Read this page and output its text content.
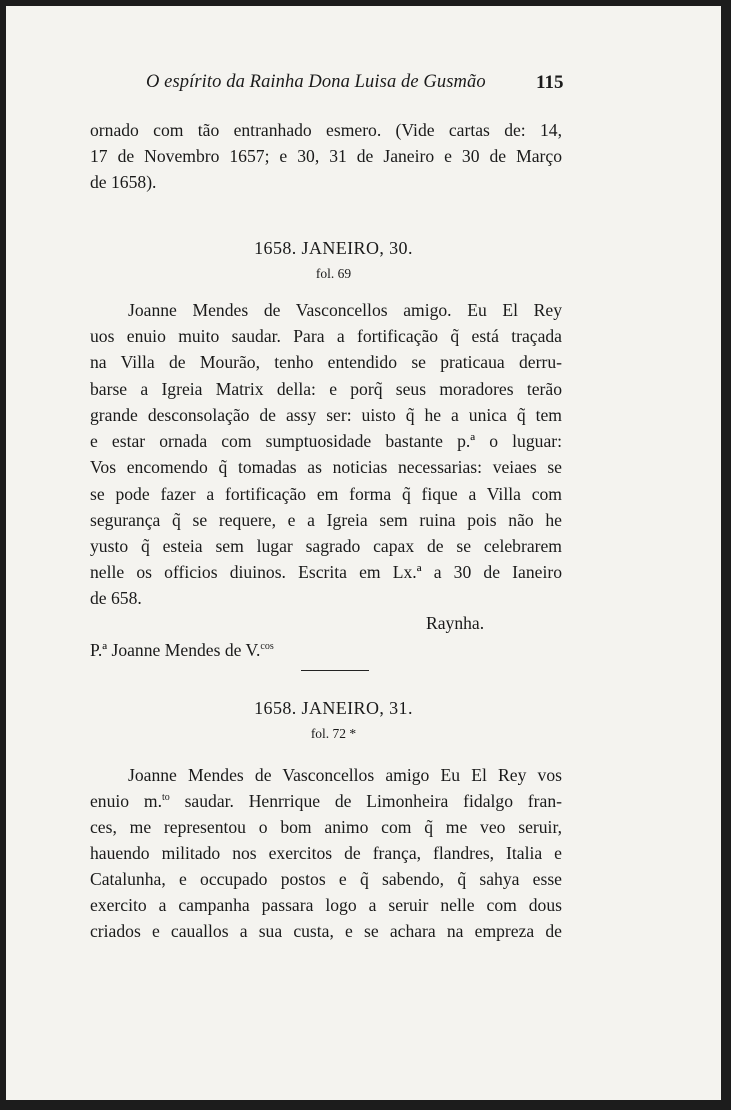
O espírito da Rainha Dona Luisa de Gusmão	115
ornado com tão entranhado esmero. (Vide cartas de: 14,
17 de Novembro 1657; e 30, 31 de Janeiro e 30 de Março
de 1658).
1658. JANEIRO, 30.
fol. 69
Joanne Mendes de Vasconcellos amigo. Eu El Rey
uos enuio muito saudar. Para a fortificação q̃ está traçada
na Villa de Mourão, tenho entendido se praticaua derru-
barse a Igreia Matrix della: e porq̃ seus moradores terão
grande desconsolação de assy ser: uisto q̃ he a unica q̃ tem
e estar ornada com sumptuosidade bastante p.ª o luguar:
Vos encomendo q̃ tomadas as noticias necessarias: veiaes se
se pode fazer a fortificação em forma q̃ fique a Villa com
segurança q̃ se requere, e a Igreia sem ruina pois não he
yusto q̃ esteia sem lugar sagrado capax de se celebrarem
nelle os officios diuinos. Escrita em Lx.ª a 30 de Ianeiro
de 658.
Raynha.
P.ª Joanne Mendes de V.$^{cos}$
1658. JANEIRO, 31.
fol. 72 *
Joanne Mendes de Vasconcellos amigo Eu El Rey vos
enuio m.$^{to}$ saudar. Henrrique de Limonheira fidalgo fran-
ces, me representou o bom animo com q̃ me veo seruir,
hauendo militado nos exercitos de frança, flandres, Italia e
Catalunha, e occupado postos e q̃ sabendo, q̃ sahya esse
exercito a campanha passara logo a seruir nelle com dous
criados e cauallos a sua custa, e se achara na empreza de
